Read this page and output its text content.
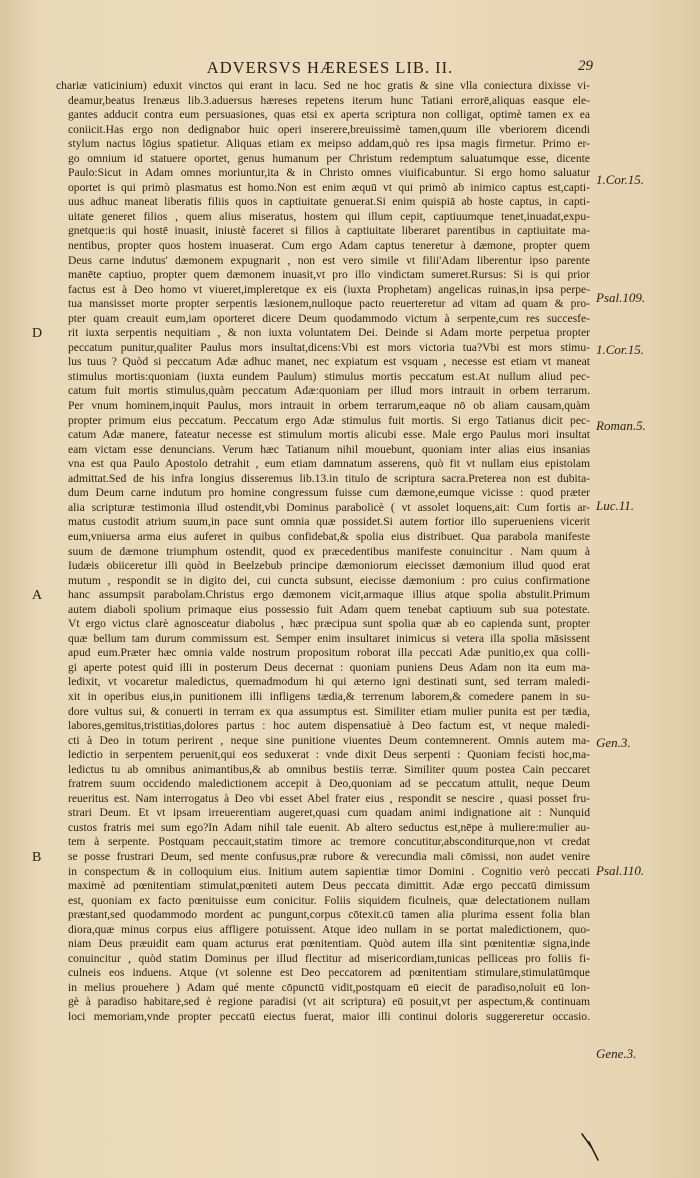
ADVERSVS HÆRESES LIB. II.	29
D
A
B
1.Cor.15.
Psal.109.
1.Cor.15.
Roman.5.
Luc.11.
Gen.3.
Psal.110.
Gene.3.
chariæ vaticinium) eduxit vinctos qui erant in lacu. Sed ne hoc gratis & sine vlla coniectura dixisse vi-
deamur,beatus Irenæus lib.3.aduersus hæreses repetens iterum hunc Tatiani errorē,aliquas easque ele-
gantes adducit contra eum persuasiones, quas etsi ex aperta scriptura non colligat, optimè tamen ex ea
coniicit.Has ergo non dedignabor huic operi inserere,breuissimè tamen,quum ille vberiorem dicendi
stylum nactus lōgius spatietur. Aliquas etiam ex meipso addam,quò res ipsa magis firmetur. Primo er-
go omnium id statuere oportet, genus humanum per Christum redemptum saluatumque esse, dicente
Paulo:Sicut in Adam omnes moriuntur,ita & in Christo omnes viuificabuntur. Si ergo homo saluatur
oportet is qui primò plasmatus est homo.Non est enim æquū vt qui primò ab inimico captus est,capti-
uus adhuc maneat liberatis filiis quos in captiuitate genuerat.Si enim quispiā ab hoste captus, in capti-
uitate generet filios , quem alius miseratus, hostem qui illum cepit, captiuumque tenet,inuadat,expu-
gnetque:is qui hostē inuasit, iniustè faceret si filios à captiuitate liberaret parentibus in captiuitate ma-
nentibus, propter quos hostem inuaserat. Cum ergo Adam captus teneretur à dæmone, propter quem
Deus carne indutus' dæmonem expugnarit , non est vero simile vt filii'Adam liberentur ipso parente
manēte captiuo, propter quem dæmonem inuasit,vt pro illo vindictam sumeret.Rursus: Si is qui prior
factus est à Deo homo vt viueret,impleretque ex eis (iuxta Prophetam) angelicas ruinas,in ipsa perpe-
tua mansisset morte propter serpentis læsionem,nulloque pacto reuerteretur ad vitam ad quam & pro-
pter quam creauit eum,iam oporteret dicere Deum quodammodo victum à serpente,cum res succesfe-
rit iuxta serpentis nequitiam , & non iuxta voluntatem Dei. Deinde si Adam morte perpetua propter
peccatum punitur,qualiter Paulus mors insultat,dicens:Vbi est mors victoria tua?Vbi est mors stimu-
lus tuus ? Quòd si peccatum Adæ adhuc manet, nec expiatum est vsquam , necesse est etiam vt maneat
stimulus mortis:quoniam (iuxta eundem Paulum) stimulus mortis peccatum est.At nullum aliud pec-
catum fuit mortis stimulus,quàm peccatum Adæ:quoniam per illud mors intrauit in orbem terrarum.
Per vnum hominem,inquit Paulus, mors intrauit in orbem terrarum,eaque nō ob aliam causam,quàm
propter primum eius peccatum. Peccatum ergo Adæ stimulus fuit mortis. Si ergo Tatianus dicit pec-
catum Adæ manere, fateatur necesse est stimulum mortis alicubi esse. Male ergo Paulus mori insultat
eam victam esse denuncians. Verum hæc Tatianum nihil mouebunt, quoniam inter alias eius insanias
vna est qua Paulo Apostolo detrahit , eum etiam damnatum asserens, quò fit vt nullam eius epistolam
admittat.Sed de his infra longius disseremus lib.13.in titulo de scriptura sacra.Preterea non est dubita-
dum Deum carne indutum pro homine congressum fuisse cum dæmone,eumque vicisse : quod præter
alia scripturæ testimonia illud ostendit,vbi Dominus parabolicè ( vt assolet loquens,ait: Cum fortis ar-
matus custodit atrium suum,in pace sunt omnia quæ possidet.Si autem fortior illo superueniens vicerit
eum,vniuersa arma eius auferet in quibus confidebat,& spolia eius distribuet. Qua parabola manifeste
suum de dæmone triumphum ostendit, quod ex præcedentibus manifeste conuincitur . Nam quum à
Iudæis obiiceretur illi quòd in Beelzebub principe dæmoniorum eiecisset dæmonium illud quod erat
mutum , respondit se in digito dei, cui cuncta subsunt, eiecisse dæmonium : pro cuius confirmatione
hanc assumpsit parabolam.Christus ergo dæmonem vicit,armaque illius atque spolia abstulit.Primum
autem diaboli spolium primaque eius possessio fuit Adam quem tenebat captiuum sub sua potestate.
Vt ergo victus clarè agnosceatur diabolus , hæc præcipua sunt spolia quæ ab eo capienda sunt, propter
quæ bellum tam durum commissum est. Semper enim insultaret inimicus si vetera illa spolia māsissent
apud eum.Præter hæc omnia valde nostrum propositum roborat illa peccati Adæ punitio,ex qua colli-
gi aperte potest quid illi in posterum Deus decernat : quoniam puniens Deus Adam non ita eum ma-
ledixit, vt vocaretur maledictus, quemadmodum hi qui æterno igni destinati sunt, sed terram maledi-
xit in operibus eius,in punitionem illi infligens tædia,& terrenum laborem,& comedere panem in su-
dore vultus sui, & conuerti in terram ex qua assumptus est. Similiter etiam mulier punita est per tædia,
labores,gemitus,tristitias,dolores partus : hoc autem dispensatiuè à Deo factum est, vt neque maledi-
cti à Deo in totum perirent , neque sine punitione viuentes Deum contemnerent. Omnis autem ma-
ledictio in serpentem peruenit,qui eos seduxerat : vnde dixit Deus serpenti : Quoniam fecisti hoc,ma-
ledictus tu ab omnibus animantibus,& ab omnibus bestiis terræ. Similiter quum postea Cain peccaret
fratrem suum occidendo maledictionem accepit à Deo,quoniam ad se peccatum attulit, neque Deum
reueritus est. Nam interrogatus à Deo vbi esset Abel frater eius , respondit se nescire , quasi posset fru-
strari Deum. Et vt ipsam irreuerentiam augeret,quasi cum quadam animi indignatione ait : Nunquid
custos fratris mei sum ego?In Adam nihil tale euenit. Ab altero seductus est,nēpe à muliere:mulier au-
tem à serpente. Postquam peccauit,statim timore ac tremore concutitur,absconditurque,non vt credat
se posse frustrari Deum, sed mente confusus,præ rubore & verecundia mali cōmissi, non audet venire
in conspectum & in colloquium eius. Initium autem sapientiæ timor Domini . Cognitio verò peccati
maximè ad pœnitentiam stimulat,pœniteti autem Deus peccata dimittit. Adæ ergo peccatū dimissum
est, quoniam ex facto pœnituisse eum conicitur. Foliis siquidem ficulneis, quæ delectationem nullam
præstant,sed quodammodo mordent ac pungunt,corpus cōtexit.cū tamen alia plurima essent folia blan
diora,quæ minus corpus eius affligere potuissent. Atque ideo nullam in se portat maledictionem, quo-
niam Deus præuidit eam quam acturus erat pœnitentiam. Quòd autem illa sint pœnitentiæ signa,inde
conuincitur , quòd statim Dominus per illud flectitur ad misericordiam,tunicas pelliceas pro foliis fi-
culneis eos induens. Atque (vt solenne est Deo peccatorem ad pœnitentiam stimulare,stimulatūmque
in melius prouehere ) Adam qué mente cōpunctū vidit,postquam eū eiecit de paradiso,noluit eū lon-
gè à paradiso habitare,sed è regione paradisi (vt ait scriptura) eū posuit,vt per aspectum,& continuam
loci memoriam,vnde propter peccatū eiectus fuerat, maior illi continui doloris suggereretur occasio.
